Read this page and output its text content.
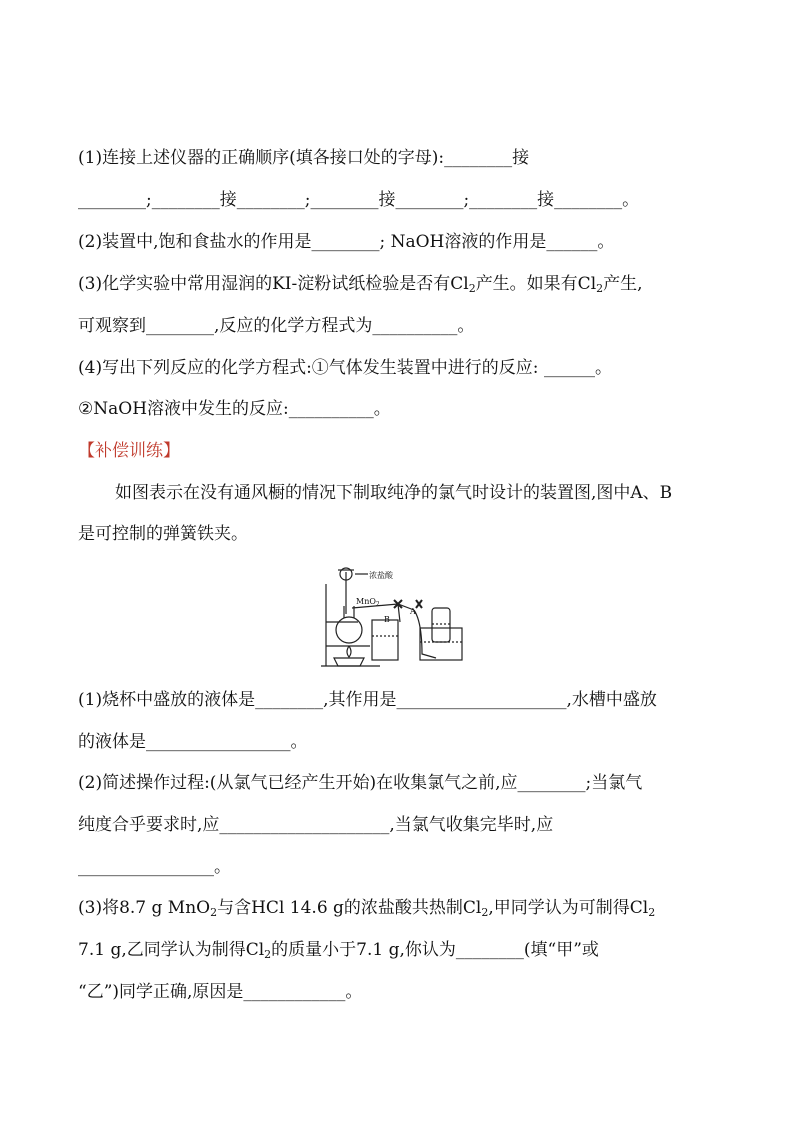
(1)连接上述仪器的正确顺序(填各接口处的字母):________接
________;________接________;________接________;________接________。
(2)装置中,饱和食盐水的作用是________; NaOH溶液的作用是______。
(3)化学实验中常用湿润的KI-淀粉试纸检验是否有$Cl_2$产生。如果有$Cl_2$产生,
可观察到________,反应的化学方程式为__________。
(4)写出下列反应的化学方程式:①气体发生装置中进行的反应: ______。
②NaOH溶液中发生的反应:__________。
【补偿训练】
如图表示在没有通风橱的情况下制取纯净的氯气时设计的装置图,图中A、B
是可控制的弹簧铁夹。
浓盐酸
MnO$_2$
B
A
(1)烧杯中盛放的液体是________,其作用是____________________,水槽中盛放
的液体是_________________。
(2)简述操作过程:(从氯气已经产生开始)在收集氯气之前,应________;当氯气
纯度合乎要求时,应____________________,当氯气收集完毕时,应
________________。
(3)将8.7 g MnO$_2$与含HCl 14.6 g的浓盐酸共热制$Cl_2$,甲同学认为可制得$Cl_2$
7.1 g,乙同学认为制得$Cl_2$的质量小于7.1 g,你认为________(填“甲”或
“乙”)同学正确,原因是____________。
